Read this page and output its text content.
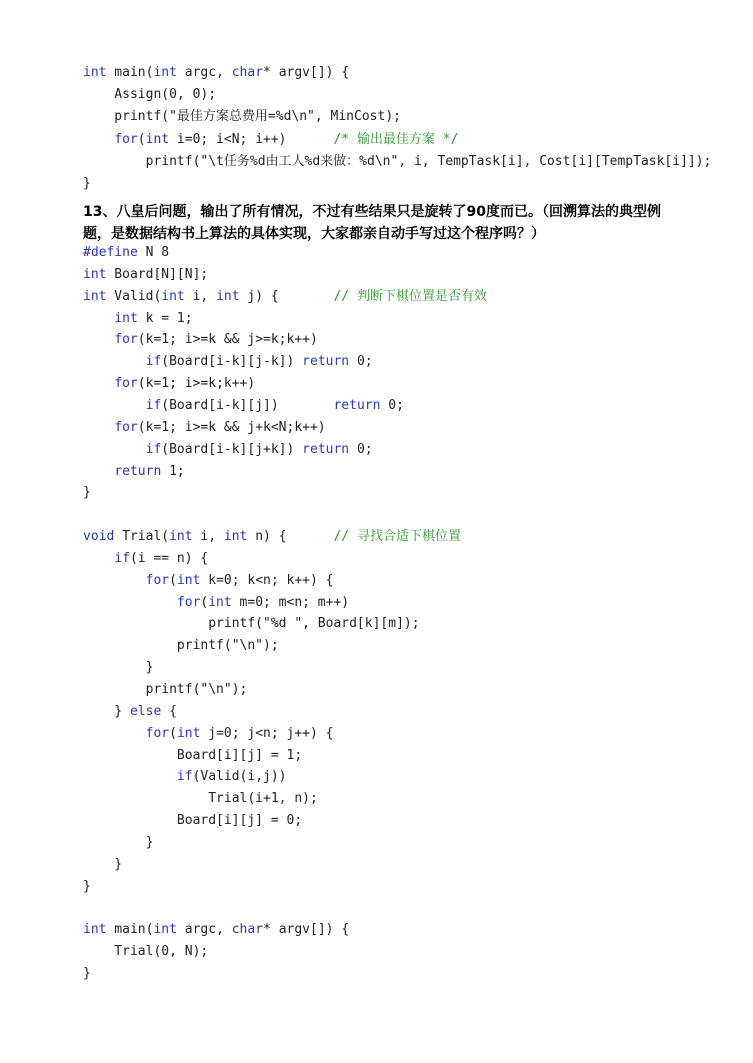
int main(int argc, char* argv[]) {
Assign(0, 0);
printf("最佳方案总费用=%d\n", MinCost);
for(int i=0; i<N; i++)      /* 输出最佳方案 */
printf("\t任务%d由工人%d来做：%d\n", i, TempTask[i], Cost[i][TempTask[i]]);
}
13、八皇后问题，输出了所有情况，不过有些结果只是旋转了90度而已。（回溯算法的典型例
题，是数据结构书上算法的具体实现，大家都亲自动手写过这个程序吗？）
#define N 8
int Board[N][N];
int Valid(int i, int j) {       // 判断下棋位置是否有效
int k = 1;
for(k=1; i>=k && j>=k;k++)
if(Board[i-k][j-k]) return 0;
for(k=1; i>=k;k++)
if(Board[i-k][j])       return 0;
for(k=1; i>=k && j+k<N;k++)
if(Board[i-k][j+k]) return 0;
return 1;
}
void Trial(int i, int n) {      // 寻找合适下棋位置
if(i == n) {
for(int k=0; k<n; k++) {
for(int m=0; m<n; m++)
printf("%d ", Board[k][m]);
printf("\n");
}
printf("\n");
} else {
for(int j=0; j<n; j++) {
Board[i][j] = 1;
if(Valid(i,j))
Trial(i+1, n);
Board[i][j] = 0;
}
}
}
int main(int argc, char* argv[]) {
Trial(0, N);
}
